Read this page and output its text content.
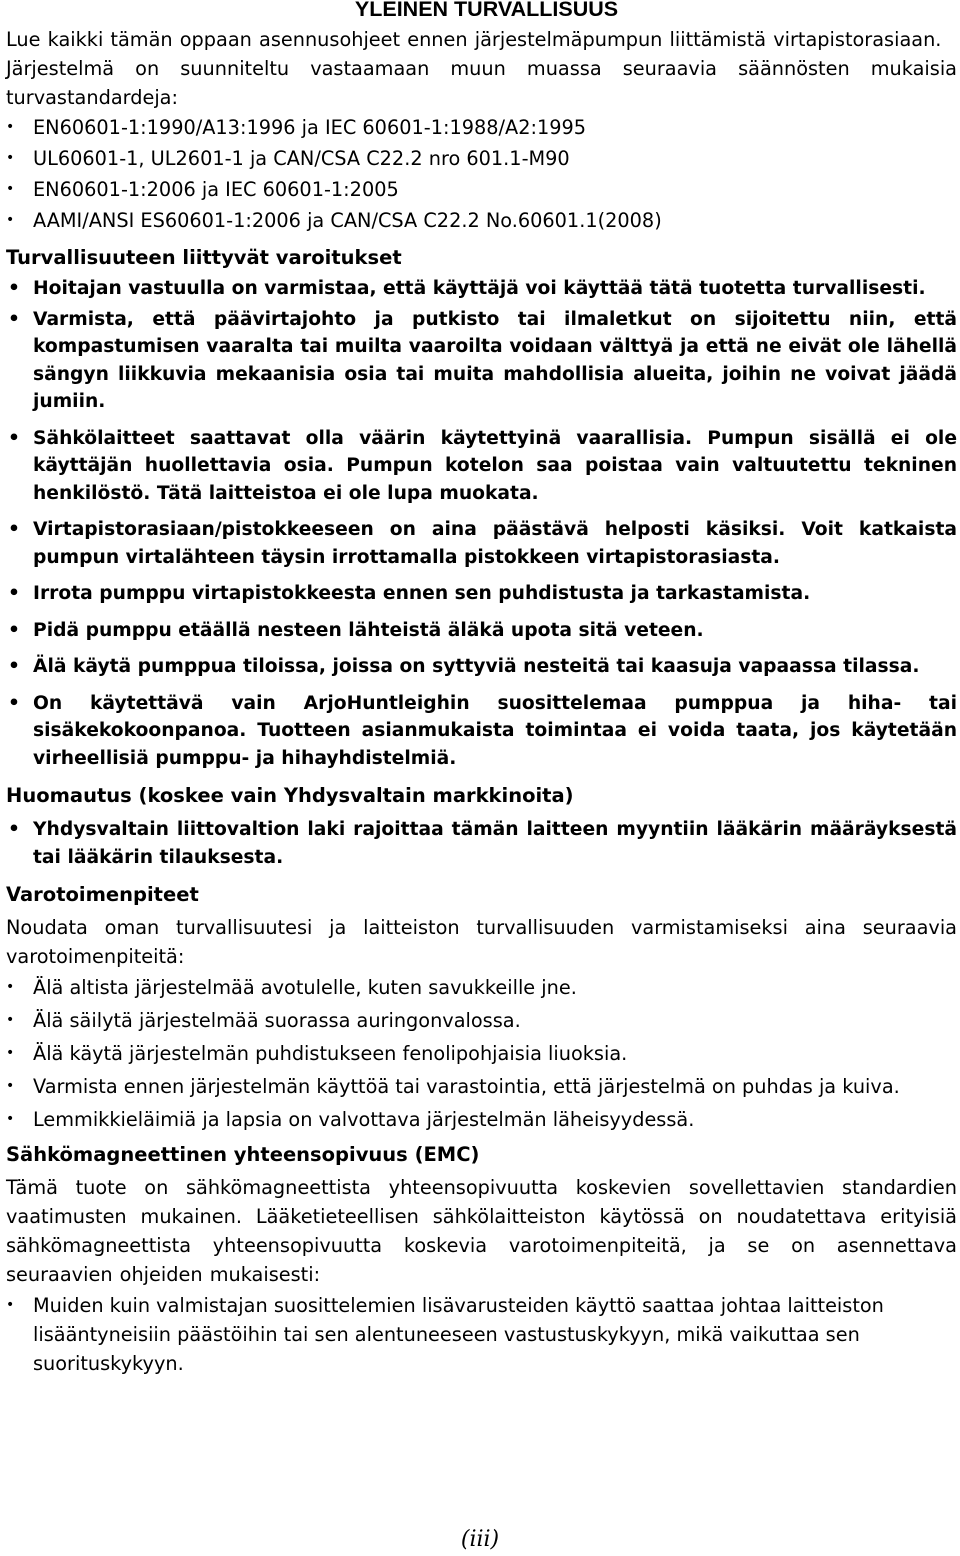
YLEINEN TURVALLISUUS

Lue kaikki tämän oppaan asennusohjeet ennen järjestelmäpumpun liittämistä virtapistorasiaan.

Järjestelmä on suunniteltu vastaamaan muun muassa seuraavia säännösten mukaisia turvastandardeja:

• EN60601-1:1990/A13:1996 ja IEC 60601-1:1988/A2:1995
• UL60601-1, UL2601-1 ja CAN/CSA C22.2 nro 601.1-M90
• EN60601-1:2006 ja IEC 60601-1:2005
• AAMI/ANSI ES60601-1:2006 ja CAN/CSA C22.2 No.60601.1(2008)
Turvallisuuteen liittyvät varoitukset
• Hoitajan vastuulla on varmistaa, että käyttäjä voi käyttää tätä tuotetta turvallisesti.
• Varmista, että päävirtajohto ja putkisto tai ilmaletkut on sijoitettu niin, että kompastumisen vaaralta tai muilta vaaroilta voidaan välttyä ja että ne eivät ole lähellä sängyn liikkuvia mekaanisia osia tai muita mahdollisia alueita, joihin ne voivat jäädä jumiin.
• Sähkölaitteet saattavat olla väärin käytettyinä vaarallisia. Pumpun sisällä ei ole käyttäjän huollettavia osia. Pumpun kotelon saa poistaa vain valtuutettu tekninen henkilöstö. Tätä laitteistoa ei ole lupa muokata.
• Virtapistorasiaan/pistokkeeseen on aina päästävä helposti käsiksi. Voit katkaista pumpun virtalähteen täysin irrottamalla pistokkeen virtapistorasiasta.
• Irrota pumppu virtapistokkeesta ennen sen puhdistusta ja tarkastamista.
• Pidä pumppu etäällä nesteen lähteistä äläkä upota sitä veteen.
• Älä käytä pumppua tiloissa, joissa on syttyviä nesteitä tai kaasuja vapaassa tilassa.
• On käytettävä vain ArjoHuntleighin suosittelemaa pumppua ja hiha- tai sisäkekokoonpanoa. Tuotteen asianmukaista toimintaa ei voida taata, jos käytetään virheellisiä pumppu- ja hihayhdistelmiä.
Huomautus (koskee vain Yhdysvaltain markkinoita)
• Yhdysvaltain liittovaltion laki rajoittaa tämän laitteen myyntiin lääkärin määräyksestä tai lääkärin tilauksesta.
Varotoimenpiteet

Noudata oman turvallisuutesi ja laitteiston turvallisuuden varmistamiseksi aina seuraavia varotoimenpiteitä:

• Älä altista järjestelmää avotulelle, kuten savukkeille jne.
• Älä säilytä järjestelmää suorassa auringonvalossa.
• Älä käytä järjestelmän puhdistukseen fenolipohjaisia liuoksia.
• Varmista ennen järjestelmän käyttöä tai varastointia, että järjestelmä on puhdas ja kuiva.
• Lemmikkieläimiä ja lapsia on valvottava järjestelmän läheisyydessä.
Sähkömagneettinen yhteensopivuus (EMC)

Tämä tuote on sähkömagneettista yhteensopivuutta koskevien sovellettavien standardien vaatimusten mukainen. Lääketieteellisen sähkölaitteiston käytössä on noudatettava erityisiä sähkömagneettista yhteensopivuutta koskevia varotoimenpiteitä, ja se on asennettava seuraavien ohjeiden mukaisesti:

• Muiden kuin valmistajan suosittelemien lisävarusteiden käyttö saattaa johtaa laitteiston lisääntyneisiin päästöihin tai sen alentuneeseen vastustuskykyyn, mikä vaikuttaa sen suorituskykyyn.
(iii)
